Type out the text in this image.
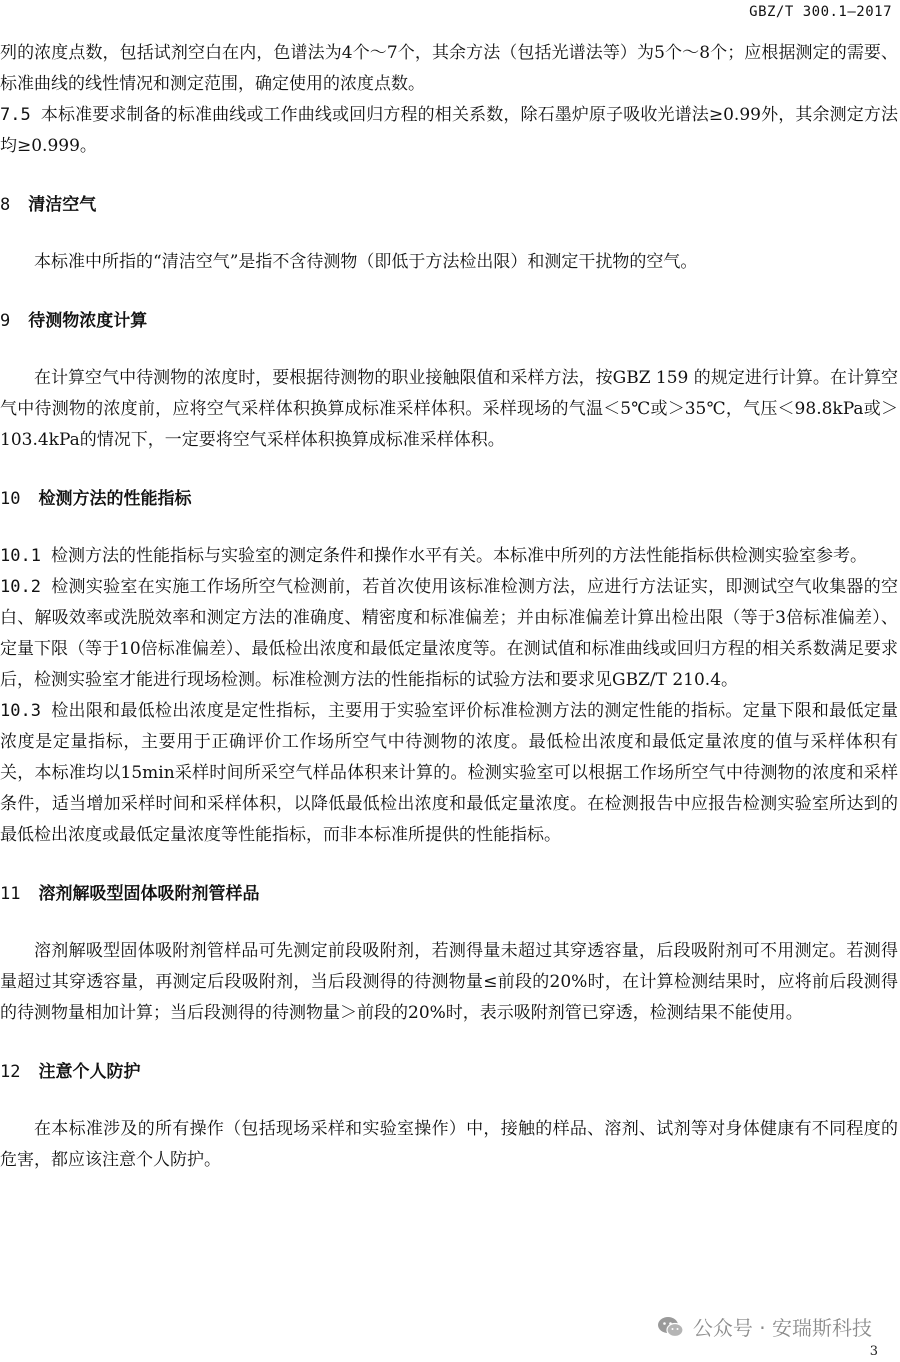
GBZ/T 300.1—2017

列的浓度点数，包括试剂空白在内，色谱法为4个～7个，其余方法（包括光谱法等）为5个～8个；应根据测定的需要、标准曲线的线性情况和测定范围，确定使用的浓度点数。

7.5 本标准要求制备的标准曲线或工作曲线或回归方程的相关系数，除石墨炉原子吸收光谱法≥0.99外，其余测定方法均≥0.999。

8 清洁空气

本标准中所指的“清洁空气”是指不含待测物（即低于方法检出限）和测定干扰物的空气。

9 待测物浓度计算

在计算空气中待测物的浓度时，要根据待测物的职业接触限值和采样方法，按GBZ 159 的规定进行计算。在计算空气中待测物的浓度前，应将空气采样体积换算成标准采样体积。采样现场的气温＜5℃或＞35℃，气压＜98.8kPa或＞103.4kPa的情况下，一定要将空气采样体积换算成标准采样体积。

10 检测方法的性能指标

10.1 检测方法的性能指标与实验室的测定条件和操作水平有关。本标准中所列的方法性能指标供检测实验室参考。

10.2 检测实验室在实施工作场所空气检测前，若首次使用该标准检测方法，应进行方法证实，即测试空气收集器的空白、解吸效率或洗脱效率和测定方法的准确度、精密度和标准偏差；并由标准偏差计算出检出限（等于3倍标准偏差）、定量下限（等于10倍标准偏差）、最低检出浓度和最低定量浓度等。在测试值和标准曲线或回归方程的相关系数满足要求后，检测实验室才能进行现场检测。标准检测方法的性能指标的试验方法和要求见GBZ/T 210.4。

10.3 检出限和最低检出浓度是定性指标，主要用于实验室评价标准检测方法的测定性能的指标。定量下限和最低定量浓度是定量指标，主要用于正确评价工作场所空气中待测物的浓度。最低检出浓度和最低定量浓度的值与采样体积有关，本标准均以15min采样时间所采空气样品体积来计算的。检测实验室可以根据工作场所空气中待测物的浓度和采样条件，适当增加采样时间和采样体积，以降低最低检出浓度和最低定量浓度。在检测报告中应报告检测实验室所达到的最低检出浓度或最低定量浓度等性能指标，而非本标准所提供的性能指标。

11 溶剂解吸型固体吸附剂管样品

溶剂解吸型固体吸附剂管样品可先测定前段吸附剂，若测得量未超过其穿透容量，后段吸附剂可不用测定。若测得量超过其穿透容量，再测定后段吸附剂，当后段测得的待测物量≤前段的20%时，在计算检测结果时，应将前后段测得的待测物量相加计算；当后段测得的待测物量＞前段的20%时，表示吸附剂管已穿透，检测结果不能使用。

12 注意个人防护

在本标准涉及的所有操作（包括现场采样和实验室操作）中，接触的样品、溶剂、试剂等对身体健康有不同程度的危害，都应该注意个人防护。

公众号 · 安瑞斯科技
3
